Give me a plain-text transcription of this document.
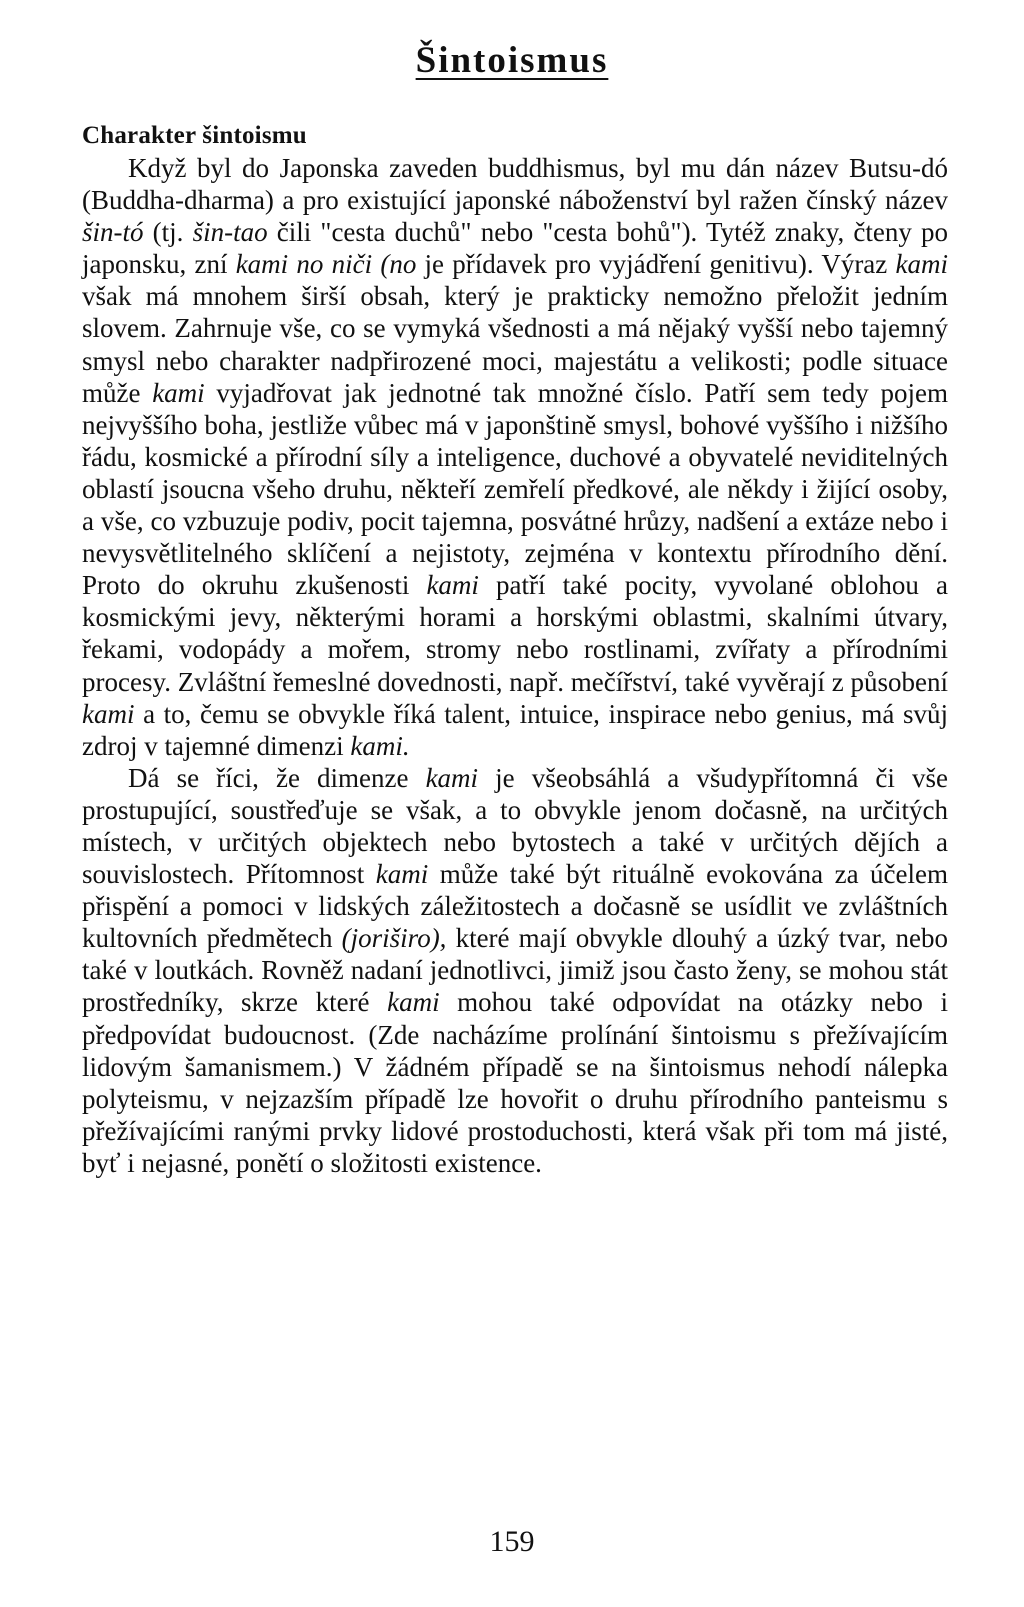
Šintoismus
Charakter šintoismu

Když byl do Japonska zaveden buddhismus, byl mu dán název Butsu-dó (Buddha-dharma) a pro existující japonské náboženství byl ražen čínský název šin-tó (tj. šin-tao čili "cesta duchů" nebo "cesta bohů"). Tytéž znaky, čteny po japonsku, zní kami no niči (no je přídavek pro vyjádření genitivu). Výraz kami však má mnohem širší obsah, který je prakticky nemožno přeložit jedním slovem. Zahrnuje vše, co se vymyká všednosti a má nějaký vyšší nebo tajemný smysl nebo charakter nadpřirozené moci, majestátu a velikosti; podle situace může kami vyjadřovat jak jednotné tak množné číslo. Patří sem tedy pojem nejvyššího boha, jestliže vůbec má v japonštině smysl, bohové vyššího i nižšího řádu, kosmické a přírodní síly a inteligence, duchové a obyvatelé neviditelných oblastí jsoucna všeho druhu, někteří zemřelí předkové, ale někdy i žijící osoby, a vše, co vzbuzuje podiv, pocit tajemna, posvátné hrůzy, nadšení a extáze nebo i nevysvětlitelného sklíčení a nejistoty, zejména v kontextu přírodního dění. Proto do okruhu zkušenosti kami patří také pocity, vyvolané oblohou a kosmickými jevy, některými horami a horskými oblastmi, skalními útvary, řekami, vodopády a mořem, stromy nebo rostlinami, zvířaty a přírodními procesy. Zvláštní řemeslné dovednosti, např. mečířství, také vyvěrají z působení kami a to, čemu se obvykle říká talent, intuice, inspirace nebo genius, má svůj zdroj v tajemné dimenzi kami.

Dá se říci, že dimenze kami je všeobsáhlá a všudypřítomná či vše prostupující, soustřeďuje se však, a to obvykle jenom dočasně, na určitých místech, v určitých objektech nebo bytostech a také v určitých dějích a souvislostech. Přítomnost kami může také být rituálně evokována za účelem přispění a pomoci v lidských záležitostech a dočasně se usídlit ve zvláštních kultovních předmětech (joriširo), které mají obvykle dlouhý a úzký tvar, nebo také v loutkách. Rovněž nadaní jednotlivci, jimiž jsou často ženy, se mohou stát prostředníky, skrze které kami mohou také odpovídat na otázky nebo i předpovídat budoucnost. (Zde nacházíme prolínání šintoismu s přežívajícím lidovým šamanismem.) V žádném případě se na šintoismus nehodí nálepka polyteismu, v nejzazším případě lze hovořit o druhu přírodního panteismu s přežívajícími ranými prvky lidové prostoduchosti, která však při tom má jisté, byť i nejasné, ponětí o složitosti existence.

159
